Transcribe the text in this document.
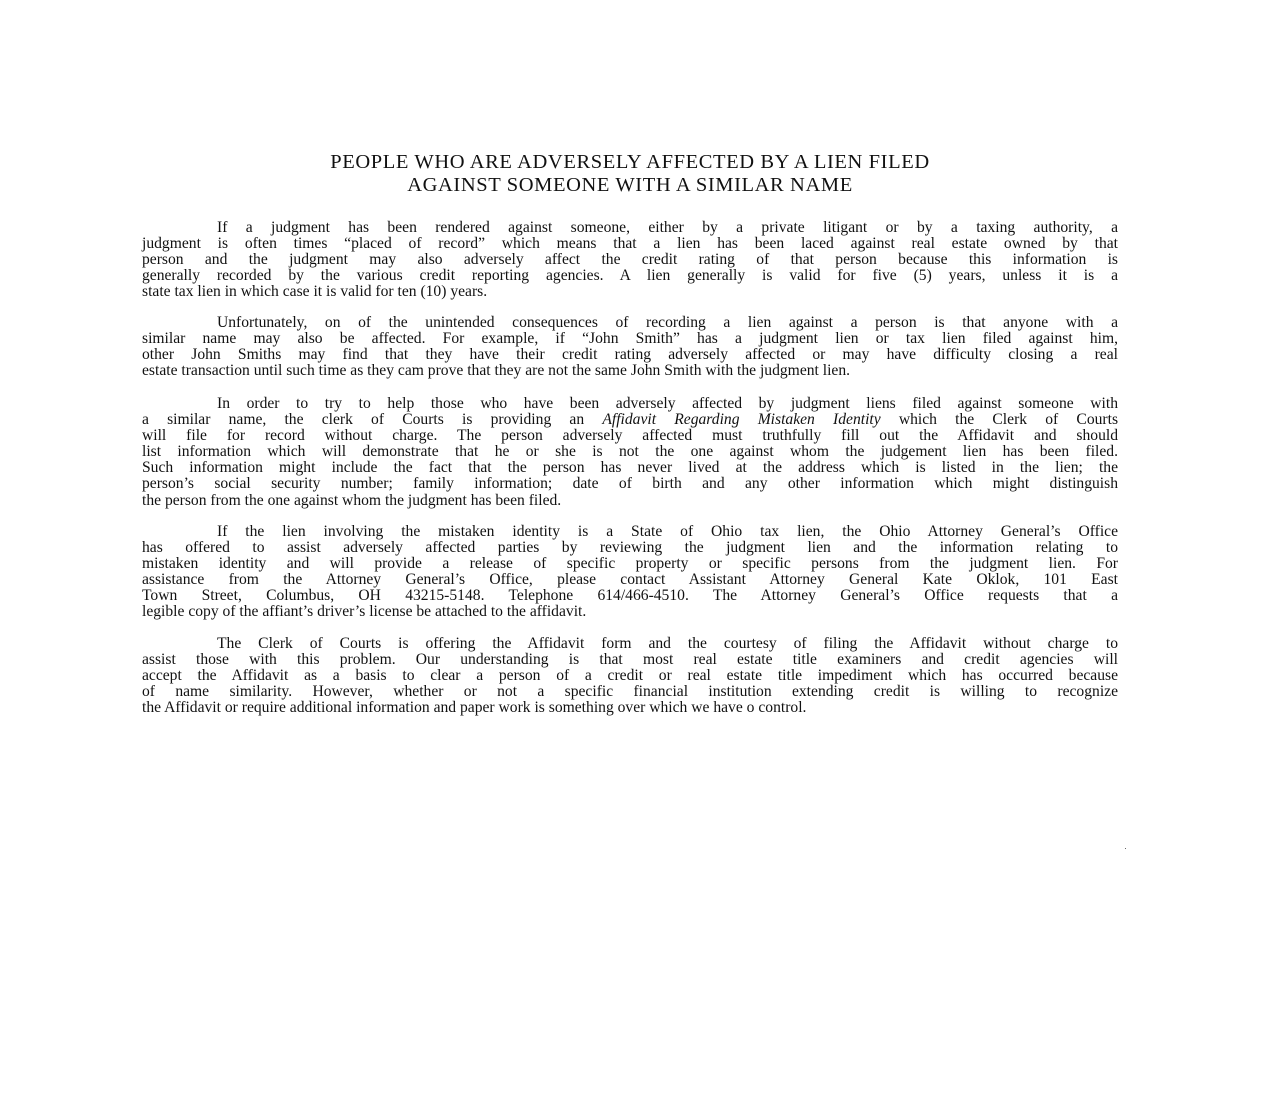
PEOPLE WHO ARE ADVERSELY AFFECTED BY A LIEN FILED
AGAINST SOMEONE WITH A SIMILAR NAME
If a judgment has been rendered against someone, either by a private litigant or by a taxing authority, a
judgment is often times “placed of record” which means that a lien has been laced against real estate owned by that
person and the judgment may also adversely affect the credit rating of that person because this information is
generally recorded by the various credit reporting agencies. A lien generally is valid for five (5) years, unless it is a
state tax lien in which case it is valid for ten (10) years.
Unfortunately, on of the unintended consequences of recording a lien against a person is that anyone with a
similar name may also be affected. For example, if “John Smith” has a judgment lien or tax lien filed against him,
other John Smiths may find that they have their credit rating adversely affected or may have difficulty closing a real
estate transaction until such time as they cam prove that they are not the same John Smith with the judgment lien.
In order to try to help those who have been adversely affected by judgment liens filed against someone with
a similar name, the clerk of Courts is providing an Affidavit Regarding Mistaken Identity which the Clerk of Courts
will file for record without charge. The person adversely affected must truthfully fill out the Affidavit and should
list information which will demonstrate that he or she is not the one against whom the judgement lien has been filed.
Such information might include the fact that the person has never lived at the address which is listed in the lien; the
person’s social security number; family information; date of birth and any other information which might distinguish
the person from the one against whom the judgment has been filed.
If the lien involving the mistaken identity is a State of Ohio tax lien, the Ohio Attorney General’s Office
has offered to assist adversely affected parties by reviewing the judgment lien and the information relating to
mistaken identity and will provide a release of specific property or specific persons from the judgment lien. For
assistance from the Attorney General’s Office, please contact Assistant Attorney General Kate Oklok, 101 East
Town Street, Columbus, OH 43215-5148. Telephone 614/466-4510. The Attorney General’s Office requests that a
legible copy of the affiant’s driver’s license be attached to the affidavit.
The Clerk of Courts is offering the Affidavit form and the courtesy of filing the Affidavit without charge to
assist those with this problem. Our understanding is that most real estate title examiners and credit agencies will
accept the Affidavit as a basis to clear a person of a credit or real estate title impediment which has occurred because
of name similarity. However, whether or not a specific financial institution extending credit is willing to recognize
the Affidavit or require additional information and paper work is something over which we have o control.
